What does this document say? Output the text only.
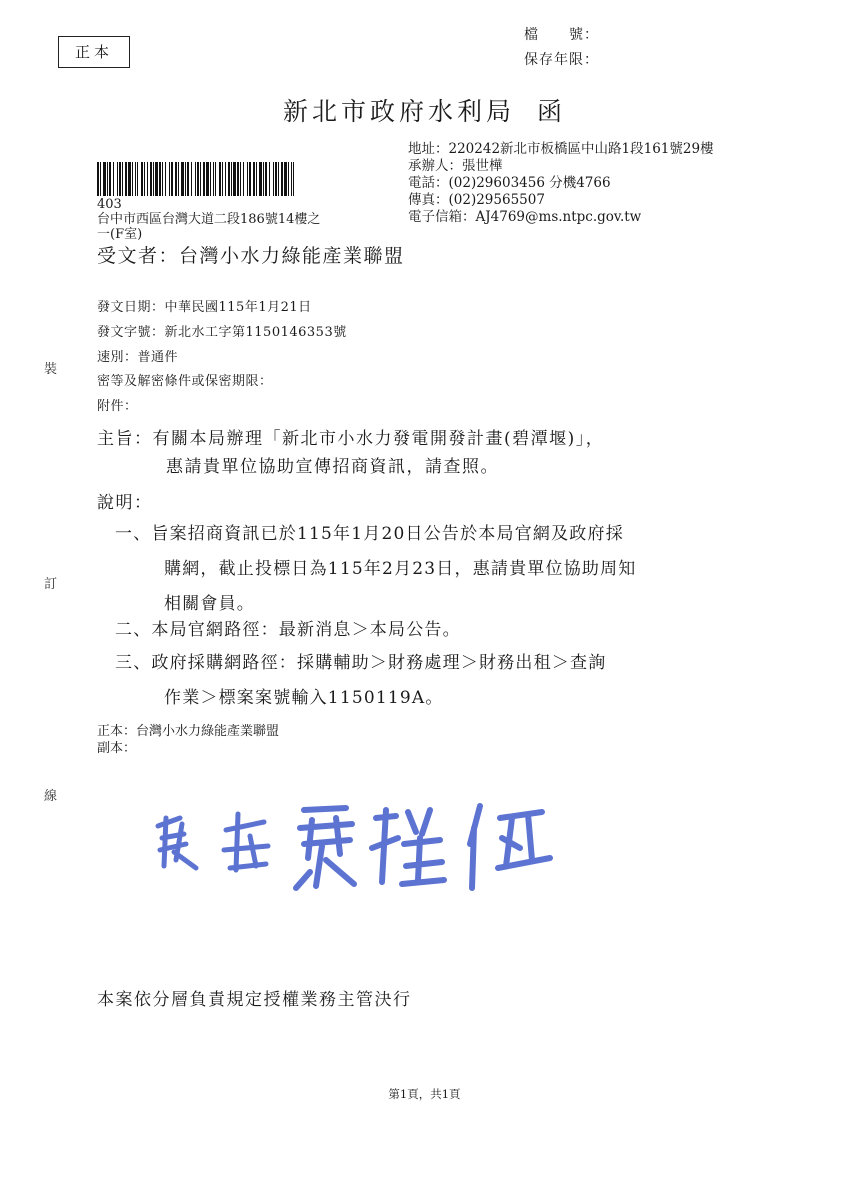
正本
檔　　號：
保存年限：
新北市政府水利局 函
地址：220242新北市板橋區中山路1段161號29樓
承辦人：張世樺
電話：(02)29603456 分機4766
傳真：(02)29565507
電子信箱：AJ4769@ms.ntpc.gov.tw
403
台中市西區台灣大道二段186號14樓之
一(F室)
受文者：台灣小水力綠能產業聯盟
發文日期：中華民國115年1月21日
發文字號：新北水工字第1150146353號
速別：普通件
密等及解密條件或保密期限：
附件：
主旨：有關本局辦理「新北市小水力發電開發計畫(碧潭堰)」，
惠請貴單位協助宣傳招商資訊，請查照。
說明：
一、旨案招商資訊已於115年1月20日公告於本局官網及政府採
購網，截止投標日為115年2月23日，惠請貴單位協助周知
相關會員。
二、本局官網路徑：最新消息＞本局公告。
三、政府採購網路徑：採購輔助＞財務處理＞財務出租＞查詢
作業＞標案案號輸入1150119A。
正本：台灣小水力綠能產業聯盟
副本：
裝
訂
線
本案依分層負責規定授權業務主管決行
第1頁，共1頁
